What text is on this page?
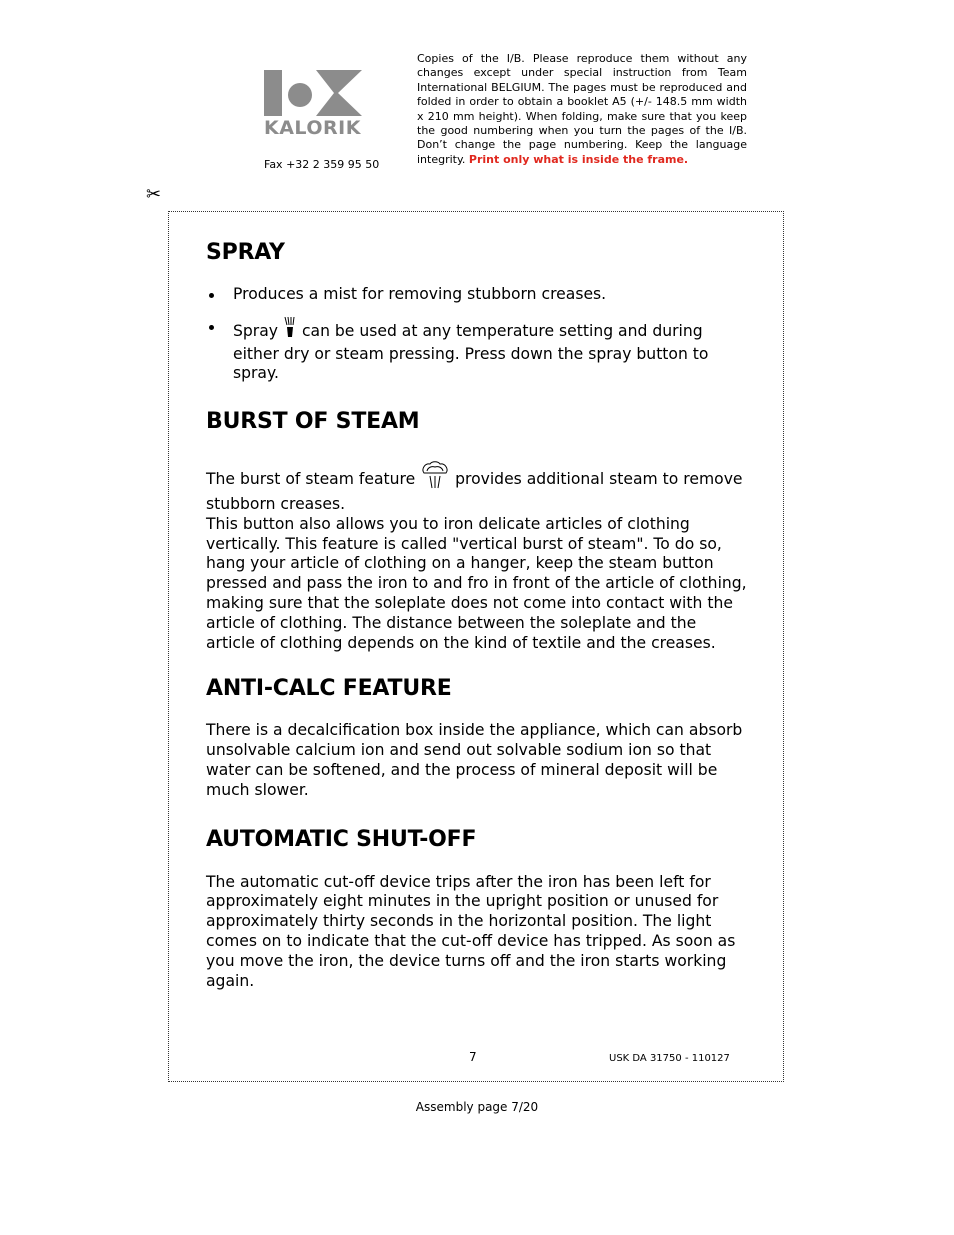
KALORIK
Fax +32 2 359 95 50
Copies of the I/B. Please reproduce them without any changes except under special instruction from Team International BELGIUM. The pages must be reproduced and folded in order to obtain a booklet A5 (+/- 148.5 mm width x 210 mm height). When folding, make sure that you keep the good numbering when you turn the pages of the I/B. Don’t change the page numbering. Keep the language integrity. Print only what is inside the frame.
✂
SPRAY
Produces a mist for removing stubborn creases.
Spray can be used at any temperature setting and during either dry or steam pressing. Press down the spray button to spray.
BURST OF STEAM

The burst of steam feature	provides additional steam to remove stubborn creases.

This button also allows you to iron delicate articles of clothing vertically. This feature is called "vertical burst of steam". To do so, hang your article of clothing on a hanger, keep the steam button pressed and pass the iron to and fro in front of the article of clothing, making sure that the soleplate does not come into contact with the article of clothing. The distance between the soleplate and the article of clothing depends on the kind of textile and the creases.

ANTI-CALC FEATURE

There is a decalcification box inside the appliance, which can absorb unsolvable calcium ion and send out solvable sodium ion so that water can be softened, and the process of mineral deposit will be much slower.

AUTOMATIC SHUT-OFF

The automatic cut-off device trips after the iron has been left for approximately eight minutes in the upright position or unused for approximately thirty seconds in the horizontal position. The light comes on to indicate that the cut-off device has tripped. As soon as you move the iron, the device turns off and the iron starts working again.

7	USK DA 31750 - 110127
Assembly page 7/20
